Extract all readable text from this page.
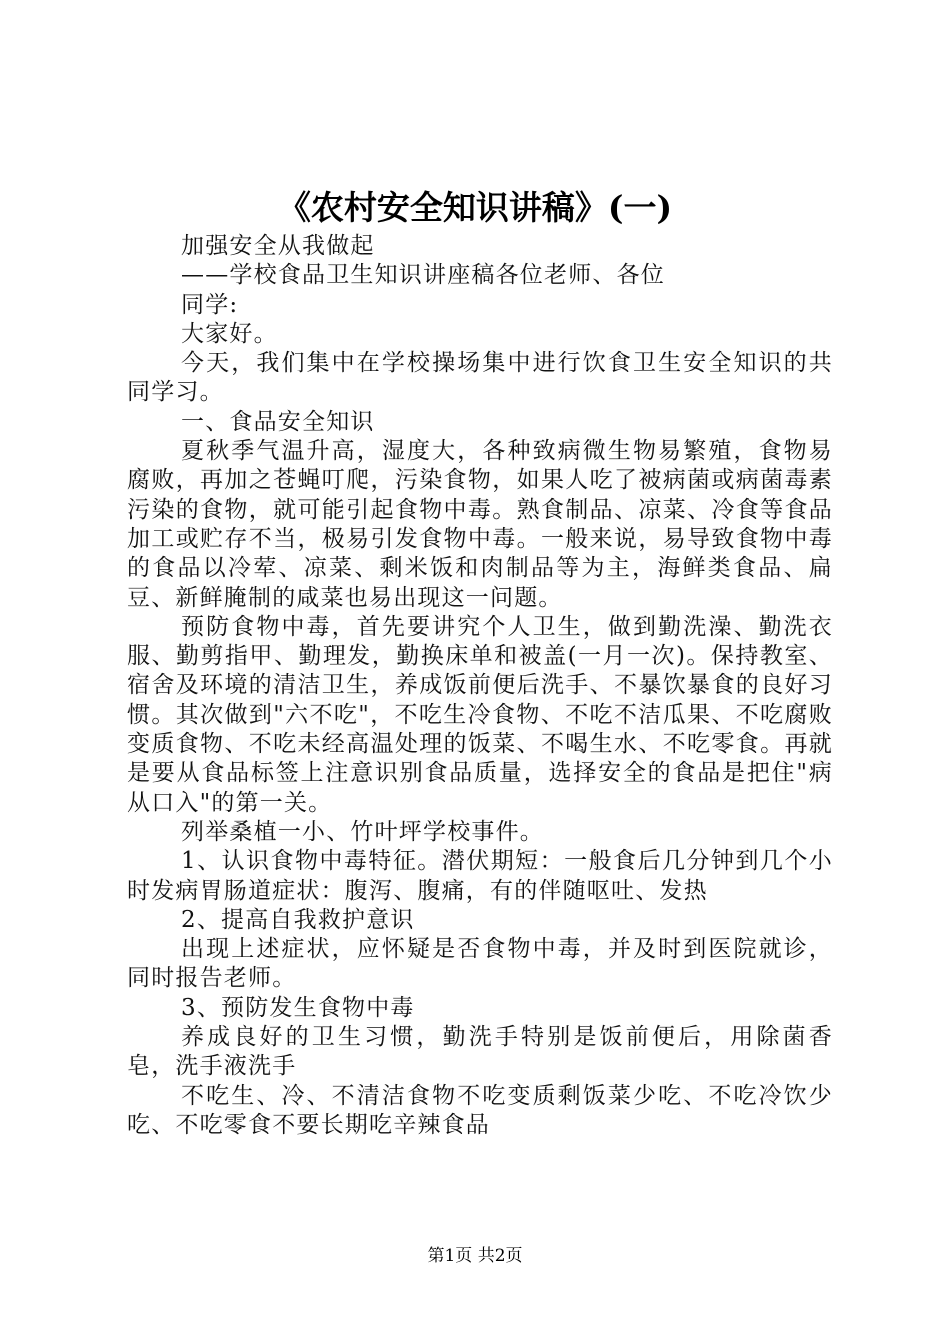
《农村安全知识讲稿》(一)

加强安全从我做起

——学校食品卫生知识讲座稿各位老师、各位

同学:

大家好。

今天，我们集中在学校操场集中进行饮食卫生安全知识的共同学习。

一、食品安全知识

夏秋季气温升高，湿度大，各种致病微生物易繁殖，食物易腐败，再加之苍蝇叮爬，污染食物，如果人吃了被病菌或病菌毒素污染的食物，就可能引起食物中毒。熟食制品、凉菜、冷食等食品加工或贮存不当，极易引发食物中毒。一般来说，易导致食物中毒的食品以冷荤、凉菜、剩米饭和肉制品等为主，海鲜类食品、扁豆、新鲜腌制的咸菜也易出现这一问题。

预防食物中毒，首先要讲究个人卫生，做到勤洗澡、勤洗衣服、勤剪指甲、勤理发，勤换床单和被盖(一月一次)。保持教室、宿舍及环境的清洁卫生，养成饭前便后洗手、不暴饮暴食的良好习惯。其次做到"六不吃"，不吃生冷食物、不吃不洁瓜果、不吃腐败变质食物、不吃未经高温处理的饭菜、不喝生水、不吃零食。再就是要从食品标签上注意识别食品质量，选择安全的食品是把住"病从口入"的第一关。

列举桑植一小、竹叶坪学校事件。

1、认识食物中毒特征。潜伏期短：一般食后几分钟到几个小时发病胃肠道症状：腹泻、腹痛，有的伴随呕吐、发热

2、提高自我救护意识

出现上述症状，应怀疑是否食物中毒，并及时到医院就诊，同时报告老师。

3、预防发生食物中毒

养成良好的卫生习惯，勤洗手特别是饭前便后，用除菌香皂，洗手液洗手

不吃生、冷、不清洁食物不吃变质剩饭菜少吃、不吃冷饮少吃、不吃零食不要长期吃辛辣食品

第1页 共2页
